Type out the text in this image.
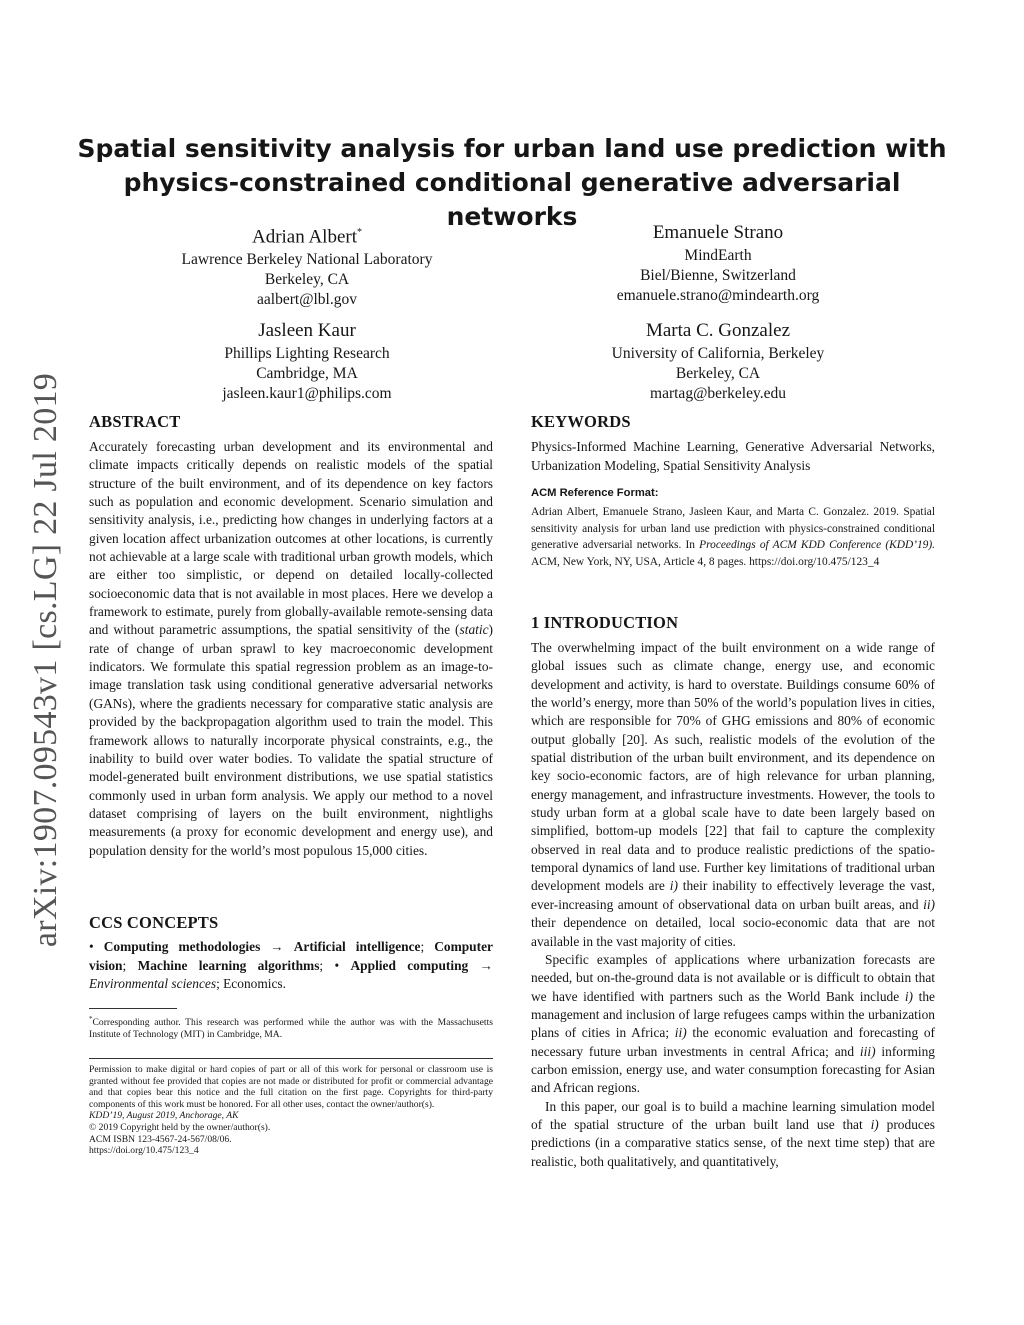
arXiv:1907.09543v1 [cs.LG] 22 Jul 2019
Spatial sensitivity analysis for urban land use prediction with
physics-constrained conditional generative adversarial networks
Adrian Albert*
Lawrence Berkeley National Laboratory
Berkeley, CA
aalbert@lbl.gov
Emanuele Strano
MindEarth
Biel/Bienne, Switzerland
emanuele.strano@mindearth.org
Jasleen Kaur
Phillips Lighting Research
Cambridge, MA
jasleen.kaur1@philips.com
Marta C. Gonzalez
University of California, Berkeley
Berkeley, CA
martag@berkeley.edu
ABSTRACT

Accurately forecasting urban development and its environmental and climate impacts critically depends on realistic models of the spatial structure of the built environment, and of its dependence on key factors such as population and economic development. Scenario simulation and sensitivity analysis, i.e., predicting how changes in underlying factors at a given location affect urbanization outcomes at other locations, is currently not achievable at a large scale with traditional urban growth models, which are either too simplistic, or depend on detailed locally-collected socioeconomic data that is not available in most places. Here we develop a framework to estimate, purely from globally-available remote-sensing data and without parametric assumptions, the spatial sensitivity of the (static) rate of change of urban sprawl to key macroeconomic development indicators. We formulate this spatial regression problem as an image-to-image translation task using conditional generative adversarial networks (GANs), where the gradients necessary for comparative static analysis are provided by the backpropagation algorithm used to train the model. This framework allows to naturally incorporate physical constraints, e.g., the inability to build over water bodies. To validate the spatial structure of model-generated built environment distributions, we use spatial statistics commonly used in urban form analysis. We apply our method to a novel dataset comprising of layers on the built environment, nightlighs measurements (a proxy for economic development and energy use), and population density for the world’s most populous 15,000 cities.

CCS CONCEPTS
• Computing methodologies → Artificial intelligence; Computer vision; Machine learning algorithms; • Applied computing → Environmental sciences; Economics.

*Corresponding author. This research was performed while the author was with the Massachusetts Institute of Technology (MIT) in Cambridge, MA.

Permission to make digital or hard copies of part or all of this work for personal or classroom use is granted without fee provided that copies are not made or distributed for profit or commercial advantage and that copies bear this notice and the full citation on the first page. Copyrights for third-party components of this work must be honored. For all other uses, contact the owner/author(s).

KDD’19, August 2019, Anchorage, AK

© 2019 Copyright held by the owner/author(s).

ACM ISBN 123-4567-24-567/08/06.

https://doi.org/10.475/123_4

KEYWORDS
Physics-Informed Machine Learning, Generative Adversarial Networks, Urbanization Modeling, Spatial Sensitivity Analysis
ACM Reference Format:
Adrian Albert, Emanuele Strano, Jasleen Kaur, and Marta C. Gonzalez. 2019. Spatial sensitivity analysis for urban land use prediction with physics-constrained conditional generative adversarial networks. In Proceedings of ACM KDD Conference (KDD’19). ACM, New York, NY, USA, Article 4, 8 pages. https://doi.org/10.475/123_4
1 INTRODUCTION

The overwhelming impact of the built environment on a wide range of global issues such as climate change, energy use, and economic development and activity, is hard to overstate. Buildings consume 60% of the world’s energy, more than 50% of the world’s population lives in cities, which are responsible for 70% of GHG emissions and 80% of economic output globally [20]. As such, realistic models of the evolution of the spatial distribution of the urban built environment, and its dependence on key socio-economic factors, are of high relevance for urban planning, energy management, and infrastructure investments. However, the tools to study urban form at a global scale have to date been largely based on simplified, bottom-up models [22] that fail to capture the complexity observed in real data and to produce realistic predictions of the spatio-temporal dynamics of land use. Further key limitations of traditional urban development models are i) their inability to effectively leverage the vast, ever-increasing amount of observational data on urban built areas, and ii) their dependence on detailed, local socio-economic data that are not available in the vast majority of cities.

Specific examples of applications where urbanization forecasts are needed, but on-the-ground data is not available or is difficult to obtain that we have identified with partners such as the World Bank include i) the management and inclusion of large refugees camps within the urbanization plans of cities in Africa; ii) the economic evaluation and forecasting of necessary future urban investments in central Africa; and iii) informing carbon emission, energy use, and water consumption forecasting for Asian and African regions.

In this paper, our goal is to build a machine learning simulation model of the spatial structure of the urban built land use that i) produces predictions (in a comparative statics sense, of the next time step) that are realistic, both qualitatively, and quantitatively,
